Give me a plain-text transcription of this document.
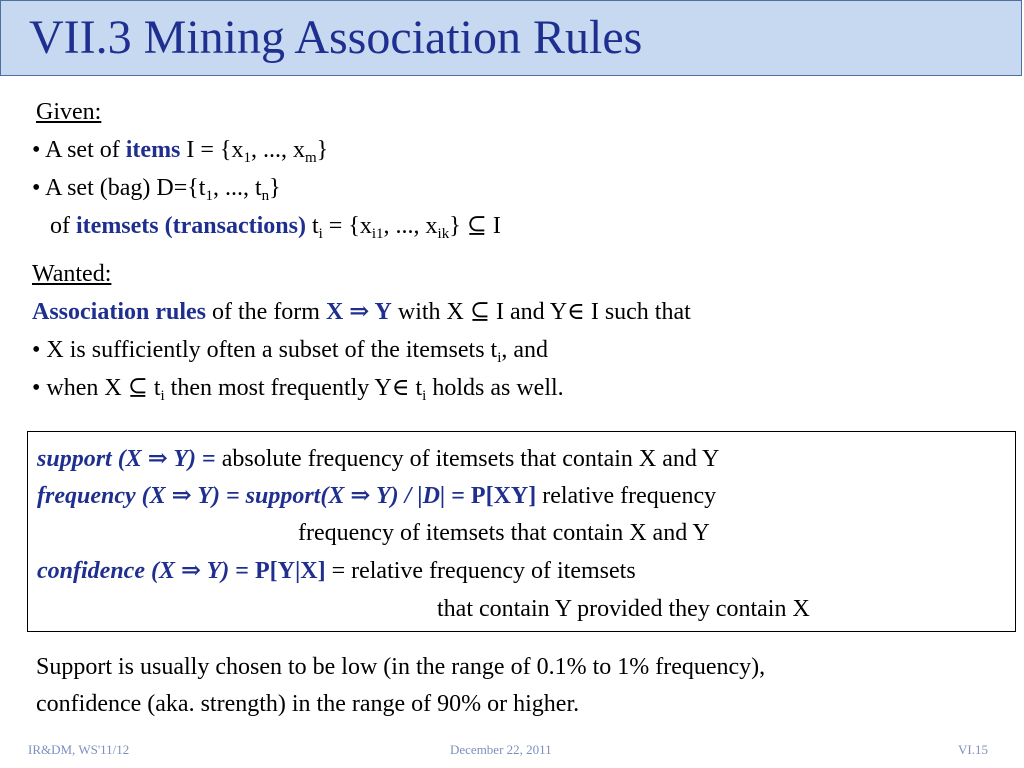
VII.3 Mining Association Rules
Given:
• A set of items $I = \{x_1$, ..., $x_m$}
• A set (bag) $D=\{t_1$, ..., $t_n$}
of itemsets (transactions) $t_i = \{x_{i1}$, ..., $x_{ik}$} ⊆ I
Wanted:
Association rules of the form X ⇒ Y with X ⊆ I and Y∈ I such that
• X is sufficiently often a subset of the itemsets $t_i$, and
• when X ⊆ $t_i$ then most frequently Y∈ $t_i$ holds as well.
support (X ⇒ Y) = absolute frequency of itemsets that contain X and Y
frequency (X ⇒ Y) = support(X ⇒ Y) / |D| = P[XY] relative frequency
frequency of itemsets that contain X and Y
confidence (X ⇒ Y) = P[Y|X] = relative frequency of itemsets
that contain Y provided they contain X
Support is usually chosen to be low (in the range of 0.1% to 1% frequency),
confidence (aka. strength) in the range of 90% or higher.
IR&DM, WS'11/12	December 22, 2011	VI.15
